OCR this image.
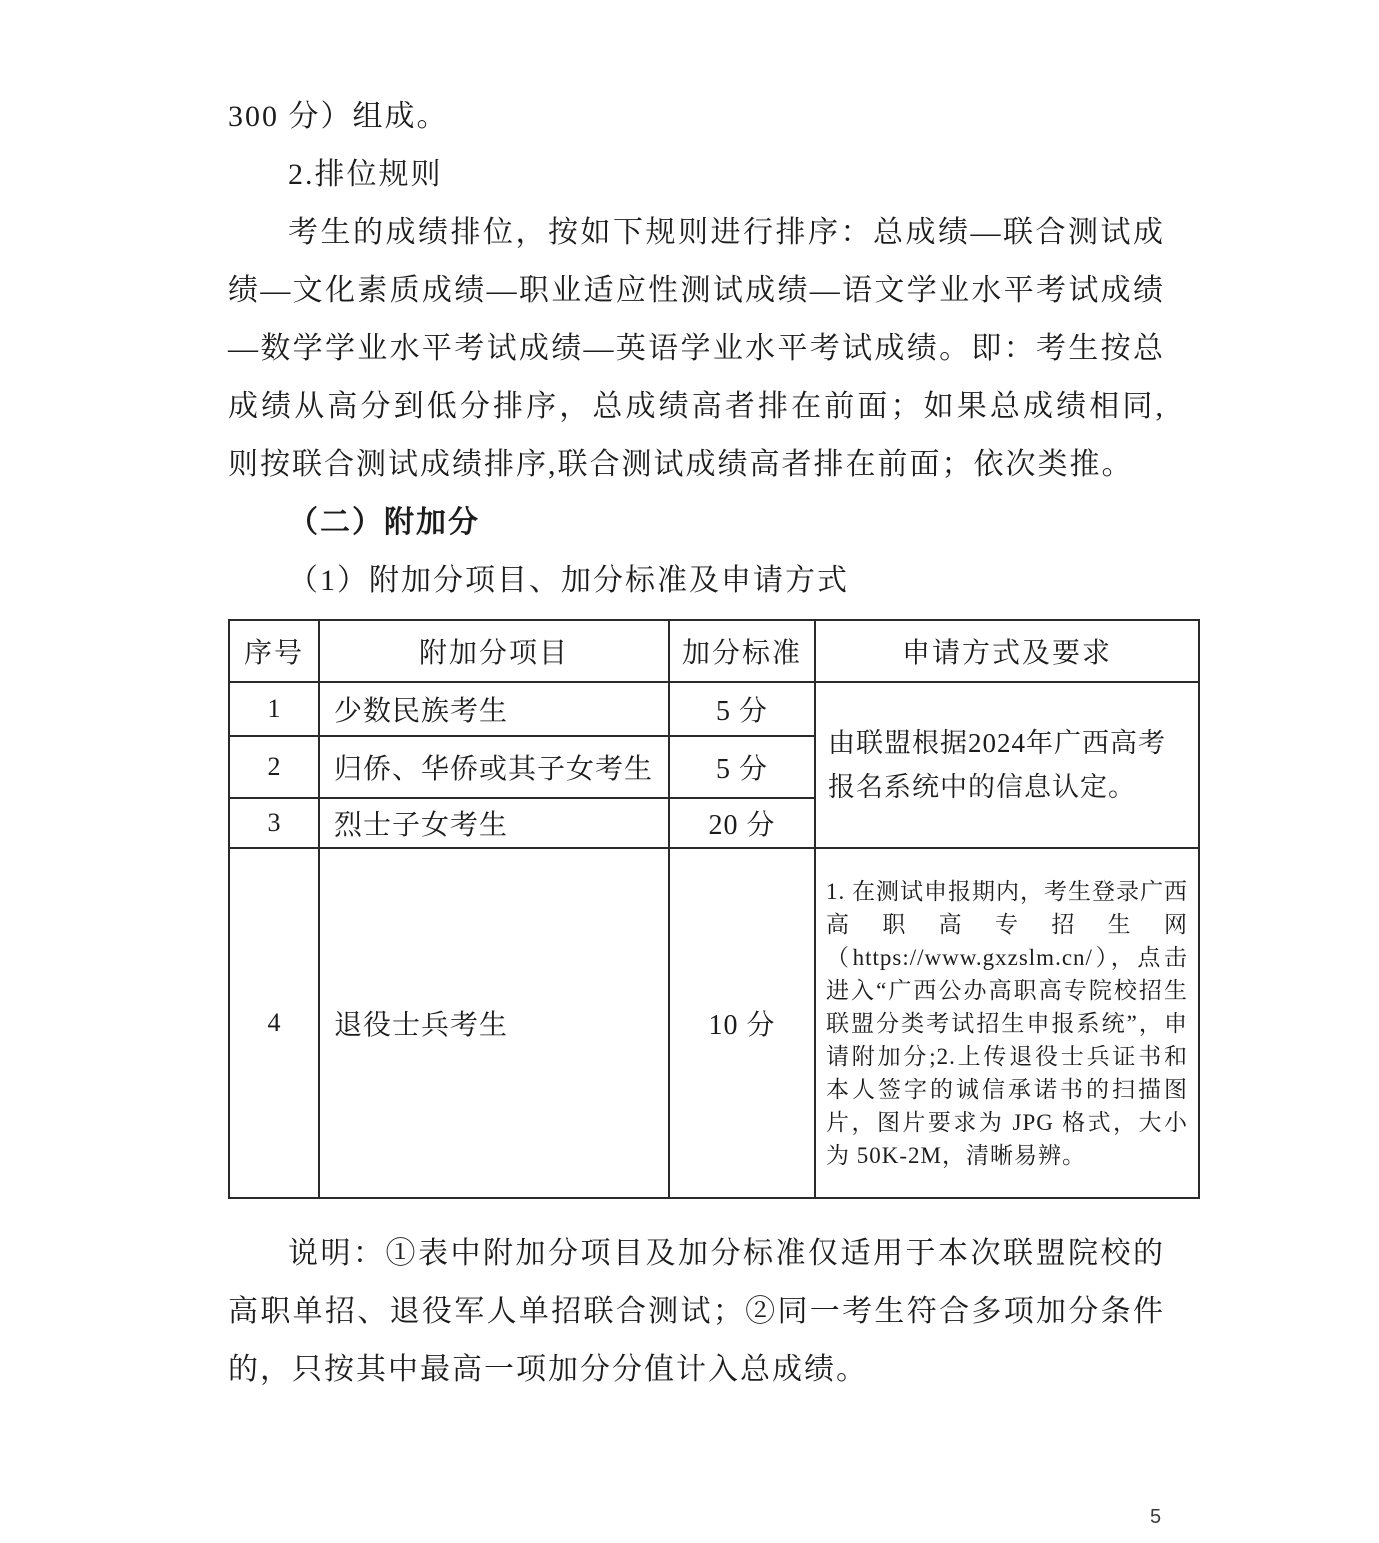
300 分）组成。

2.排位规则

考生的成绩排位，按如下规则进行排序：总成绩—联合测试成绩—文化素质成绩—职业适应性测试成绩—语文学业水平考试成绩—数学学业水平考试成绩—英语学业水平考试成绩。即：考生按总成绩从高分到低分排序，总成绩高者排在前面；如果总成绩相同,则按联合测试成绩排序,联合测试成绩高者排在前面；依次类推。

（二）附加分

（1）附加分项目、加分标准及申请方式

序号	附加分项目	加分标准	申请方式及要求
1	少数民族考生	5 分	由联盟根据2024年广西高考报名系统中的信息认定。
2	归侨、华侨或其子女考生	5 分	
3	烈士子女考生	20 分	
4	退役士兵考生	10 分	1. 在测试申报期内，考生登录广西高职高专招生网（https://www.gxzslm.cn/），点击进入“广西公办高职高专院校招生联盟分类考试招生申报系统”，申请附加分;2.上传退役士兵证书和本人签字的诚信承诺书的扫描图片，图片要求为 JPG 格式，大小为 50K-2M，清晰易辨。

说明：①表中附加分项目及加分标准仅适用于本次联盟院校的高职单招、退役军人单招联合测试；②同一考生符合多项加分条件的，只按其中最高一项加分分值计入总成绩。

5
